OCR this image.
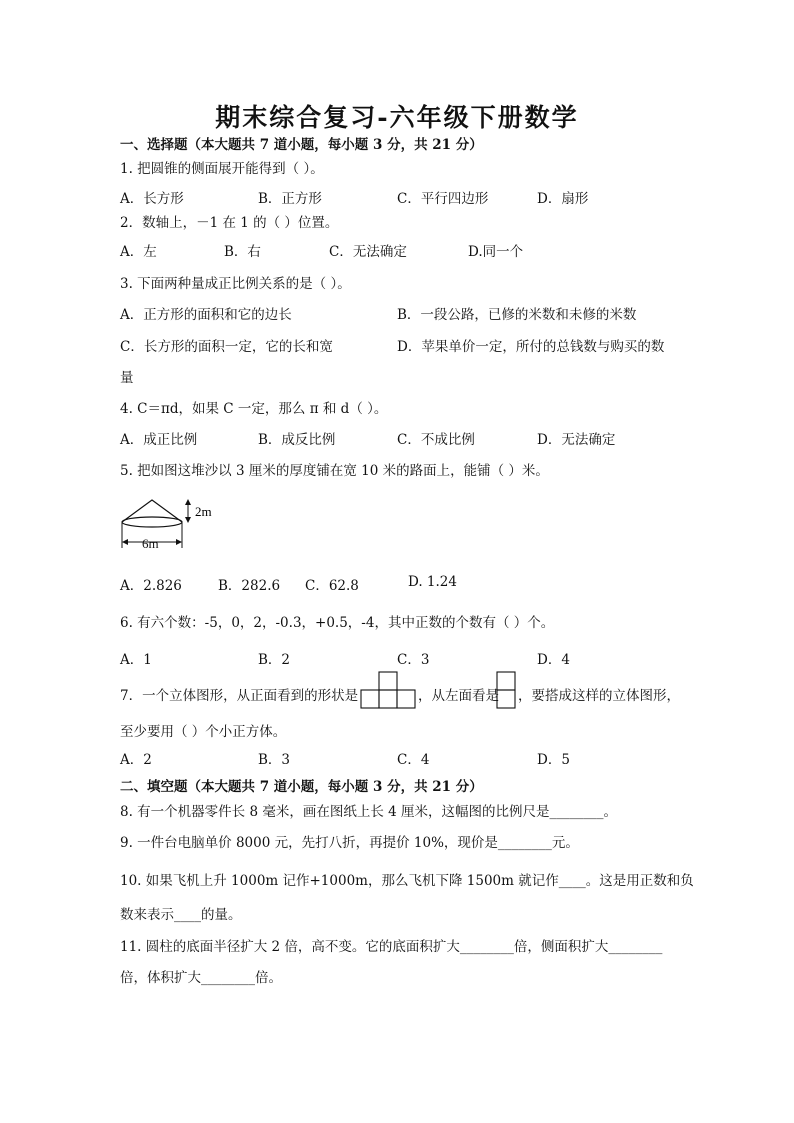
期末综合复习-六年级下册数学
一、选择题（本大题共 7 道小题，每小题 3 分，共 21 分）
1. 把圆锥的侧面展开能得到（ ）。
A．长方形	B．正方形	C．平行四边形	D．扇形
2．数轴上，－1 在 1 的（ ）位置。
A．左	B．右	C．无法确定	D.同一个
3. 下面两种量成正比例关系的是（ ）。
A．正方形的面积和它的边长	B．一段公路，已修的米数和未修的米数
C．长方形的面积一定，它的长和宽	D．苹果单价一定，所付的总钱数与购买的数
量
4. C＝πd，如果 C 一定，那么 π 和 d（ ）。
A．成正比例	B．成反比例	C．不成比例	D．无法确定
5. 把如图这堆沙以 3 厘米的厚度铺在宽 10 米的路面上，能铺（ ）米。
2m
6m
A．2.826	B．282.6 C．62.8	D. 1.24
6. 有六个数：-5，0，2，-0.3，+0.5，-4，其中正数的个数有（ ）个。
A．1	B．2	C．3	D．4
7．一个立体图形，从正面看到的形状是	，从左面看是 ，要搭成这样的立体图形，
至少要用（ ）个小正方体。
A．2	B．3	C．4	D．5
二、填空题（本大题共 7 道小题，每小题 3 分，共 21 分）
8. 有一个机器零件长 8 毫米，画在图纸上长 4 厘米，这幅图的比例尺是________。
9. 一件台电脑单价 8000 元，先打八折，再提价 10%，现价是________元。
10. 如果飞机上升 1000m 记作+1000m，那么飞机下降 1500m 就记作____。这是用正数和负
数来表示____的量。
11. 圆柱的底面半径扩大 2 倍，高不变。它的底面积扩大________倍，侧面积扩大________
倍，体积扩大________倍。
